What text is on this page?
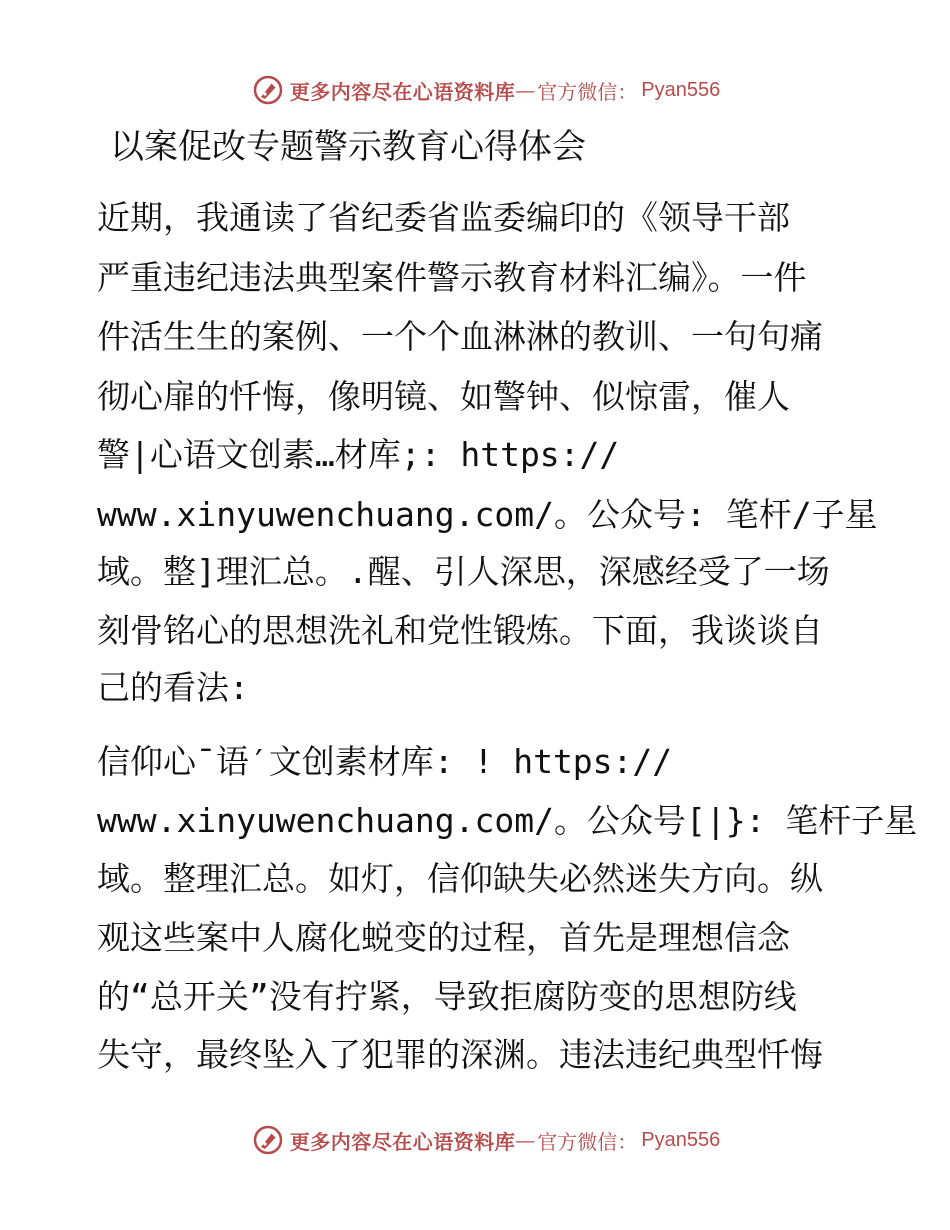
更多内容尽在心语资料库 — 官方微信： Pyan556
以案促改专题警示教育心得体会

近期，我通读了省纪委省监委编印的《领导干部

严重违纪违法典型案件警示教育材料汇编》。一件

件活生生的案例、一个个血淋淋的教训、一句句痛

彻心扉的忏悔，像明镜、如警钟、似惊雷，催人

警|心语文创素…材库;: https://

www.xinyuwenchuang.com/。公众号: 笔杆/子星

域。整]理汇总。.醒、引人深思，深感经受了一场

刻骨铭心的思想洗礼和党性锻炼。下面，我谈谈自

己的看法:

信仰心¯语′文创素材库: ! https://

www.xinyuwenchuang.com/。公众号[|}: 笔杆子星

域。整理汇总。如灯，信仰缺失必然迷失方向。纵

观这些案中人腐化蜕变的过程，首先是理想信念

的“总开关”没有拧紧，导致拒腐防变的思想防线

失守，最终坠入了犯罪的深渊。违法违纪典型忏悔

更多内容尽在心语资料库 — 官方微信： Pyan556
